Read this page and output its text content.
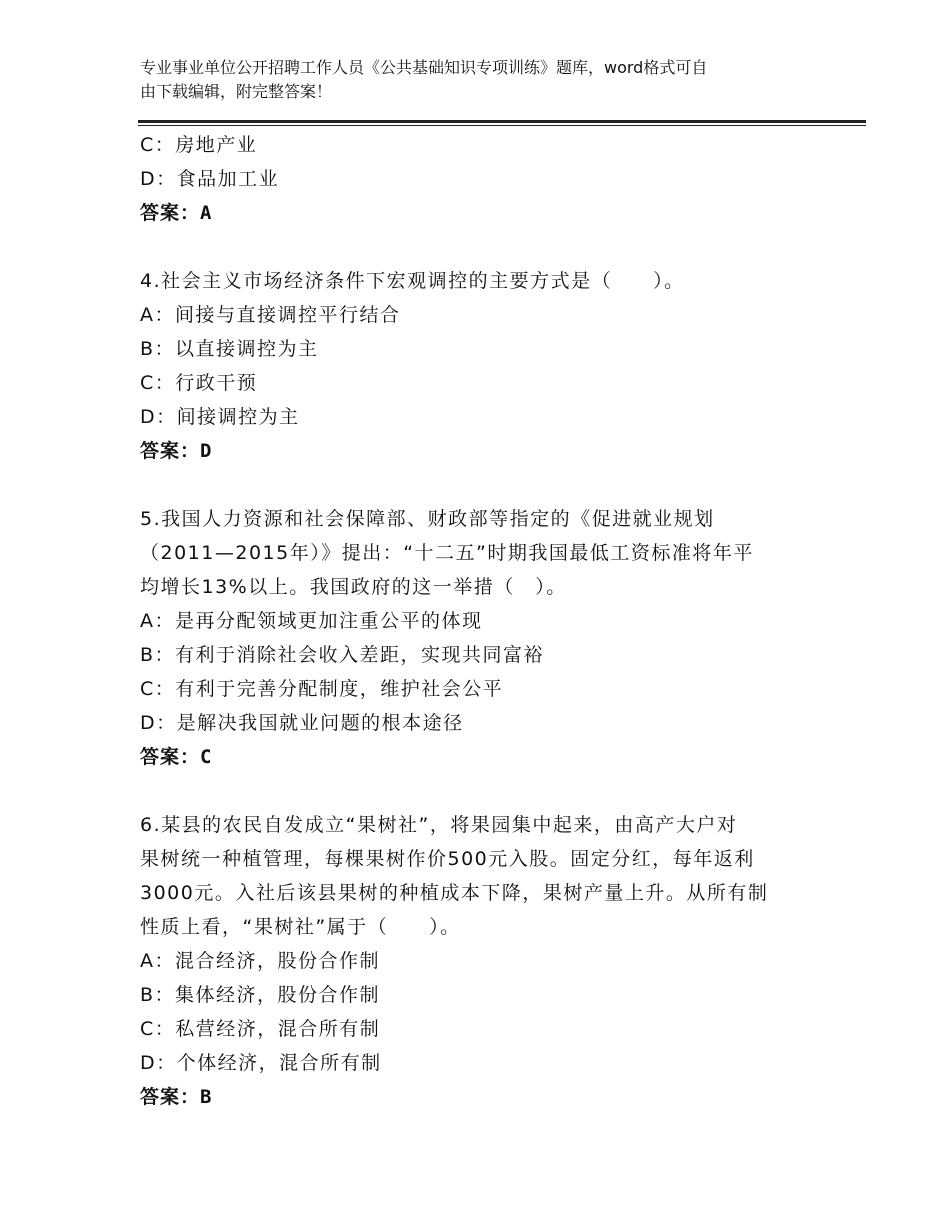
专业事业单位公开招聘工作人员《公共基础知识专项训练》题库，word格式可自
由下载编辑，附完整答案！
C：房地产业
D：食品加工业
答案：A
4.社会主义市场经济条件下宏观调控的主要方式是（　　）。
A：间接与直接调控平行结合
B：以直接调控为主
C：行政干预
D：间接调控为主
答案：D
5.我国人力资源和社会保障部、财政部等指定的《促进就业规划
（2011—2015年）》提出：“十二五”时期我国最低工资标准将年平
均增长13%以上。我国政府的这一举措（　）。
A：是再分配领域更加注重公平的体现
B：有利于消除社会收入差距，实现共同富裕
C：有利于完善分配制度，维护社会公平
D：是解决我国就业问题的根本途径
答案：C
6.某县的农民自发成立“果树社”，将果园集中起来，由高产大户对
果树统一种植管理，每棵果树作价500元入股。固定分红，每年返利
3000元。入社后该县果树的种植成本下降，果树产量上升。从所有制
性质上看，“果树社”属于（　　）。
A：混合经济，股份合作制
B：集体经济，股份合作制
C：私营经济，混合所有制
D：个体经济，混合所有制
答案：B
